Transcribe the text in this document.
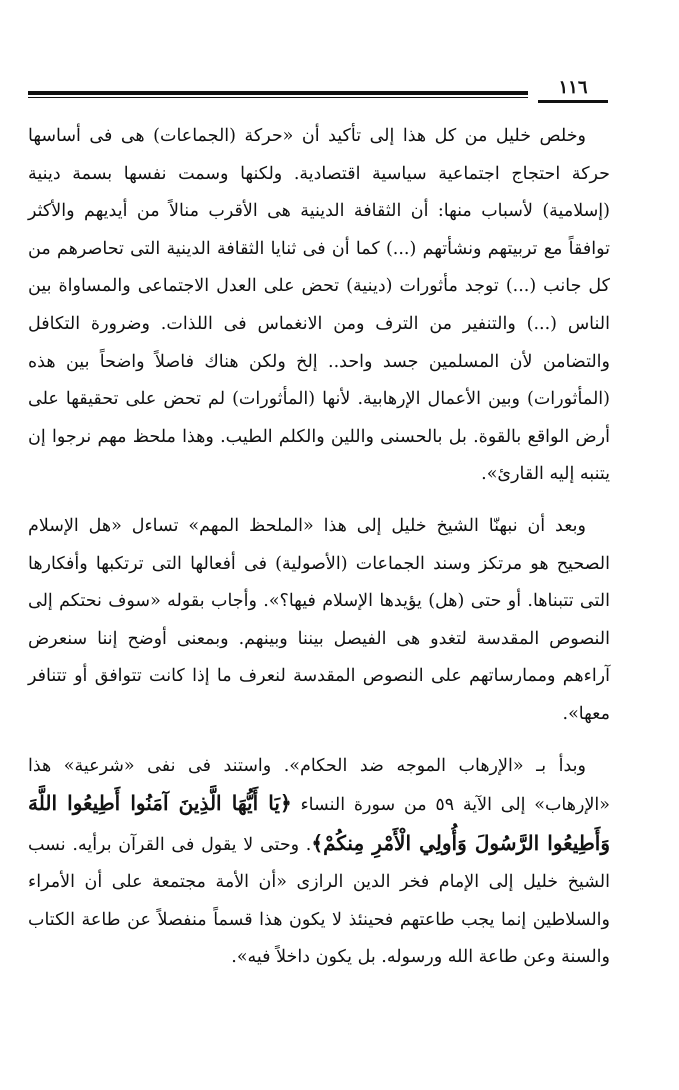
١١٦

وخلص خليل من كل هذا إلى تأكيد أن «حركة (الجماعات) هى فى أساسها حركة احتجاج اجتماعية سياسية اقتصادية. ولكنها وسمت نفسها بسمة دينية (إسلامية) لأسباب منها: أن الثقافة الدينية هى الأقرب منالاً من أيديهم والأكثر توافقاً مع تربيتهم ونشأتهم (...) كما أن فى ثنايا الثقافة الدينية التى تحاصرهم من كل جانب (...) توجد مأثورات (دينية) تحض على العدل الاجتماعى والمساواة بين الناس (...) والتنفير من الترف ومن الانغماس فى اللذات. وضرورة التكافل والتضامن لأن المسلمين جسد واحد.. إلخ ولكن هناك فاصلاً واضحاً بين هذه (المأثورات) وبين الأعمال الإرهابية. لأنها (المأثورات) لم تحض على تحقيقها على أرض الواقع بالقوة. بل بالحسنى واللين والكلم الطيب. وهذا ملحظ مهم نرجوا إن يتنبه إليه القارئ».

وبعد أن نبهنّا الشيخ خليل إلى هذا «الملحظ المهم» تساءل «هل الإسلام الصحيح هو مرتكز وسند الجماعات (الأصولية) فى أفعالها التى ترتكبها وأفكارها التى تتبناها. أو حتى (هل) يؤيدها الإسلام فيها؟». وأجاب بقوله «سوف نحتكم إلى النصوص المقدسة لتغدو هى الفيصل بيننا وبينهم. وبمعنى أوضح إننا سنعرض آراءهم وممارساتهم على النصوص المقدسة لنعرف ما إذا كانت تتوافق أو تتنافر معها».

وبدأ بـ «الإرهاب الموجه ضد الحكام». واستند فى نفى «شرعية» هذا «الإرهاب» إلى الآية ٥٩ من سورة النساء ﴿يَا أَيُّهَا الَّذِينَ آمَنُوا أَطِيعُوا اللَّهَ وَأَطِيعُوا الرَّسُولَ وَأُولِي الْأَمْرِ مِنكُمْ﴾. وحتى لا يقول فى القرآن برأيه. نسب الشيخ خليل إلى الإمام فخر الدين الرازى «أن الأمة مجتمعة على أن الأمراء والسلاطين إنما يجب طاعتهم فحينئذ لا يكون هذا قسماً منفصلاً عن طاعة الكتاب والسنة وعن طاعة الله ورسوله. بل يكون داخلاً فيه».
